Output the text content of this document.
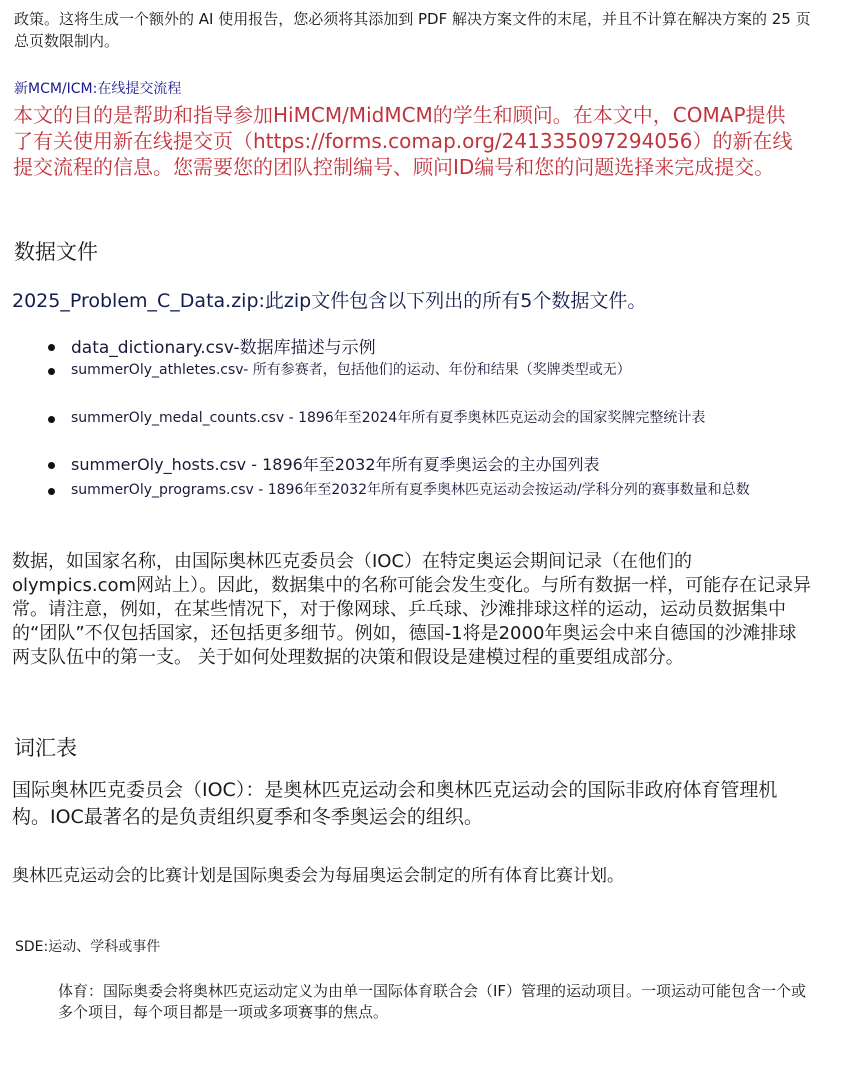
政策。这将生成一个额外的 AI 使用报告，您必须将其添加到 PDF 解决方案文件的末尾，并且不计算在解决方案的 25 页总页数限制内。

新MCM/ICM:在线提交流程

本文的目的是帮助和指导参加HiMCM/MidMCM的学生和顾问。在本文中，COMAP提供了有关使用新在线提交页（https://forms.comap.org/241335097294056）的新在线提交流程的信息。您需要您的团队控制编号、顾问ID编号和您的问题选择来完成提交。

数据文件

2025_Problem_C_Data.zip:此zip文件包含以下列出的所有5个数据文件。

data_dictionary.csv-数据库描述与示例
summerOly_athletes.csv- 所有参赛者，包括他们的运动、年份和结果（奖牌类型或无）
summerOly_medal_counts.csv - 1896年至2024年所有夏季奥林匹克运动会的国家奖牌完整统计表
summerOly_hosts.csv - 1896年至2032年所有夏季奥运会的主办国列表
summerOly_programs.csv - 1896年至2032年所有夏季奥林匹克运动会按运动/学科分列的赛事数量和总数

数据，如国家名称，由国际奥林匹克委员会（IOC）在特定奥运会期间记录（在他们的olympics.com网站上）。因此，数据集中的名称可能会发生变化。与所有数据一样，可能存在记录异常。请注意，例如，在某些情况下，对于像网球、乒乓球、沙滩排球这样的运动，运动员数据集中的“团队”不仅包括国家，还包括更多细节。例如，德国-1将是2000年奥运会中来自德国的沙滩排球两支队伍中的第一支。 关于如何处理数据的决策和假设是建模过程的重要组成部分。

词汇表

国际奥林匹克委员会（IOC）：是奥林匹克运动会和奥林匹克运动会的国际非政府体育管理机构。IOC最著名的是负责组织夏季和冬季奥运会的组织。

奥林匹克运动会的比赛计划是国际奥委会为每届奥运会制定的所有体育比赛计划。

SDE:运动、学科或事件

体育：国际奥委会将奥林匹克运动定义为由单一国际体育联合会（IF）管理的运动项目。一项运动可能包含一个或多个项目，每个项目都是一项或多项赛事的焦点。
